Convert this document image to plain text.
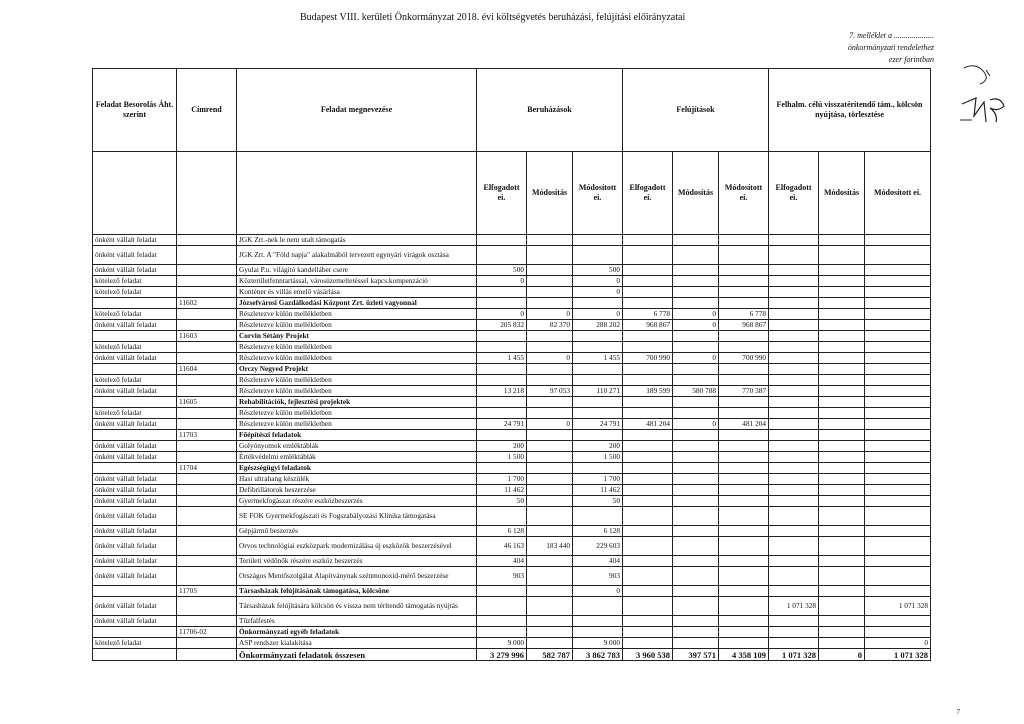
Budapest VIII. kerületi Önkormányzat 2018. évi költségvetés beruházási, felújítási előirányzatai
7. melléklet a ....................
önkormányzati rendelethez
ezer forintban
Feladat Besorolás Áht. szerint	Címrend	Feladat megnevezése	Beruházások			Felújítások			Felhalm. célú visszatérítendő tám., kölcsön nyújtása, törlesztése		
			Elfogadott ei.	Módosítás	Módosított ei.	Elfogadott ei.	Módosítás	Módosított ei.	Elfogadott ei.	Módosítás	Módosított ei.
önként vállalt feladat		JGK Zrt.-nek le nem utalt támogatás									
önként vállalt feladat		JGK Zrt. A "Föld napja" alakalmából tervezett egynyári virágok osztása									
önként vállalt feladat		Gyulai P.u. világító kandelláber csere	500		500						
kötelező feladat		Közterületfenntartással, városüzemeltetéssel kapcs.kompenzáció	0		0						
kötelező feladat		Konténer és villás emelő vásárlása			0						
	11602	Józsefvárosi Gazdálkodási Központ Zrt. üzleti vagyonnal									
kötelező feladat		Részletezve külön mellékletben	0	0	0	6 778	0	6 778			
önként vállalt feladat		Részletezve külön mellékletben	205 832	82 370	288 202	968 867	0	968 867			
	11603	Corvin Sétány Projekt									
kötelező feladat		Részletezve külön mellékletben									
önként vállalt feladat		Részletezve külön mellékletben	1 455	0	1 455	700 990	0	700 990			
	11604	Orczy Negyed Projekt									
kötelező feladat		Részletezve külön mellékletben									
önként vállalt feladat		Részletezve külön mellékletben	13 218	97 053	110 271	189 599	580 788	770 387			
	11605	Rehabilitációk, fejlesztési projektek									
kötelező feladat		Részletezve külön mellékletben									
önként vállalt feladat		Részletezve külön mellékletben	24 791	0	24 791	481 204	0	481 204			
	11703	Főépítészi feladatok									
önként vállalt feladat		Golyónyomok emléktáblák	200		200						
önként vállalt feladat		Értékvédelmi emléktáblák	1 500		1 500						
	11704	Egészségügyi feladatok									
önként vállalt feladat		Hasi ultrahang készülék	1 700		1 700						
önként vállalt feladat		Defibrillátorok beszerzése	11 462		11 462						
önként vállalt feladat		Gyermekfogászat részére eszközbeszerzés	50		50						
önként vállalt feladat		SE FOK Gyermekfogászati és Fogszabályozási Klinika támogatása									
önként vállalt feladat		Gépjármű beszerzés	6 128		6 128						
önként vállalt feladat		Orvos technológiai eszközpark modernizálása új eszközök beszerzésével	46 163	183 440	229 603						
önként vállalt feladat		Területi védőnők részére eszköz beszerzés	404		404						
önként vállalt feladat		Országos Mentőszolgálat Alapítványnak szénmonoxid-mérő beszerzése	903		903						
	11705	Társasházak felújításának támogatása, kölcsöne			0						
önként vállalt feladat		Társasházak felújítására kölcsön és vissza nem térítendő támogatás nyújtás							1 071 328		1 071 328
önként vállalt feladat		Tűzfalfestés									
	11706-02	Önkormányzati egyéb feladatok									
kötelező feladat		ASP rendszer kialakítása	9 000		9 000						0
		Önkormányzati feladatok összesen	3 279 996	582 787	3 862 783	3 960 538	397 571	4 358 109	1 071 328	0	1 071 328
7
